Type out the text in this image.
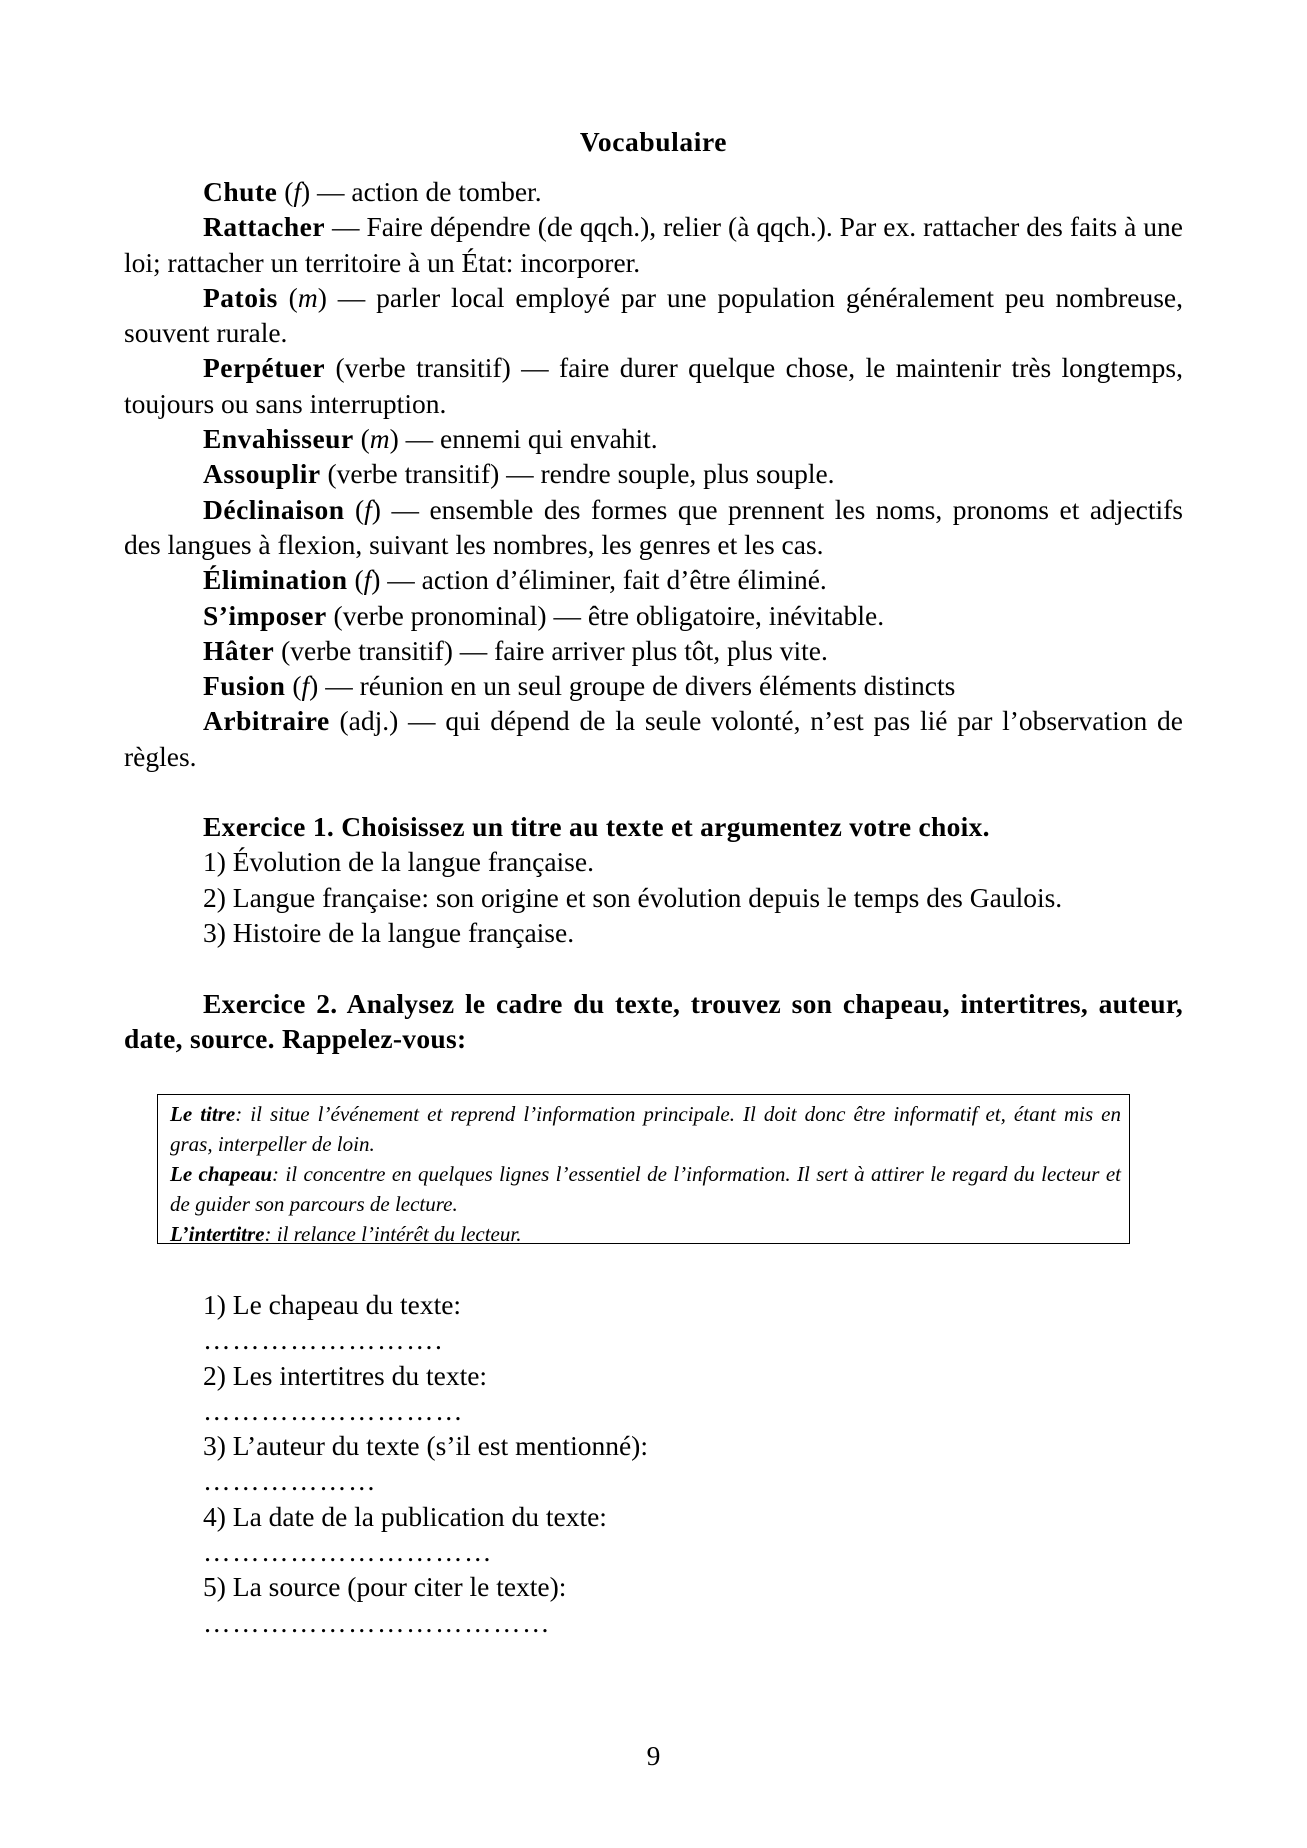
Vocabulaire
Chute (f) — action de tomber.
Rattacher — Faire dépendre (de qqch.), relier (à qqch.). Par ex. rattacher des faits à une loi; rattacher un territoire à un État: incorporer.
Patois (m) — parler local employé par une population généralement peu nombreuse, souvent rurale.
Perpétuer (verbe transitif) — faire durer quelque chose, le maintenir très longtemps, toujours ou sans interruption.
Envahisseur (m) — ennemi qui envahit.
Assouplir (verbe transitif) — rendre souple, plus souple.
Déclinaison (f) — ensemble des formes que prennent les noms, pronoms et adjectifs des langues à flexion, suivant les nombres, les genres et les cas.
Élimination (f) — action d’éliminer, fait d’être éliminé.
S’imposer (verbe pronominal) — être obligatoire, inévitable.
Hâter (verbe transitif) — faire arriver plus tôt, plus vite.
Fusion (f) — réunion en un seul groupe de divers éléments distincts
Arbitraire (adj.) — qui dépend de la seule volonté, n’est pas lié par l’observation de règles.
Exercice 1. Choisissez un titre au texte et argumentez votre choix.
1) Évolution de la langue française.
2) Langue française: son origine et son évolution depuis le temps des Gaulois.
3) Histoire de la langue française.
Exercice 2. Analysez le cadre du texte, trouvez son chapeau, intertitres, auteur, date, source. Rappelez-vous:

Le titre: il situe l’événement et reprend l’information principale. Il doit donc être informatif et, étant mis en gras, interpeller de loin.

Le chapeau: il concentre en quelques lignes l’essentiel de l’information. Il sert à attirer le regard du lecteur et de guider son parcours de lecture.

L’intertitre: il relance l’intérêt du lecteur.

1) Le chapeau du texte:
…………………….
2) Les intertitres du texte:
………………………
3) L’auteur du texte (s’il est mentionné):
………………
4) La date de la publication du texte:
…………………………
5) La source (pour citer le texte):
………………………………
9
